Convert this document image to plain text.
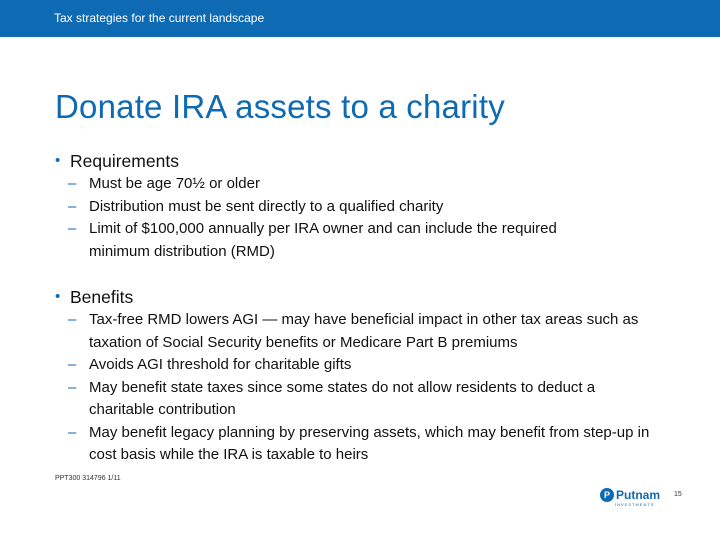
Tax strategies for the current landscape
Donate IRA assets to a charity
• Requirements
– Must be age 70½ or older
– Distribution must be sent directly to a qualified charity
– Limit of $100,000 annually per IRA owner and can include the required minimum distribution (RMD)
• Benefits
– Tax-free RMD lowers AGI — may have beneficial impact in other tax areas such as taxation of Social Security benefits or Medicare Part B premiums
– Avoids AGI threshold for charitable gifts
– May benefit state taxes since some states do not allow residents to deduct a charitable contribution
– May benefit legacy planning by preserving assets, which may benefit from step-up in cost basis while the IRA is taxable to heirs
PPT300 314796 1/11
P Putnam
INVESTMENTS
15
